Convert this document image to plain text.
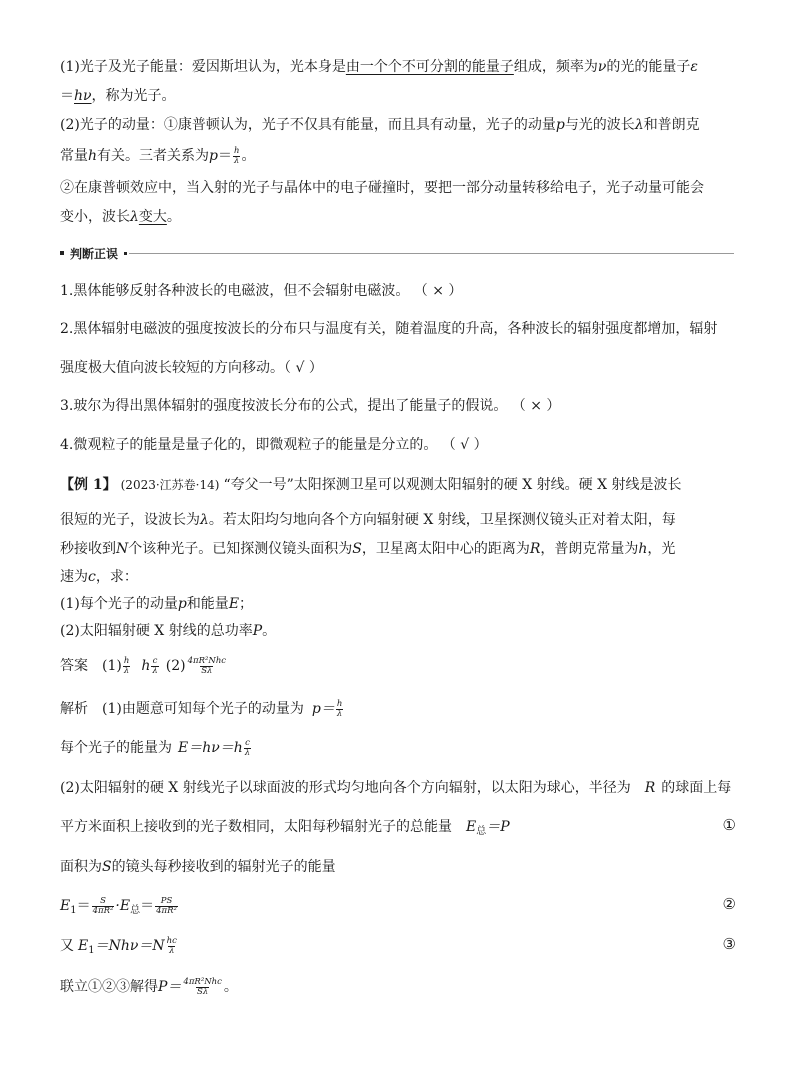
(1)光子及光子能量：爱因斯坦认为，光本身是由一个个不可分割的能量子组成，频率为ν的光的能量子ε
＝hν，称为光子。
(2)光子的动量：①康普顿认为，光子不仅具有能量，而且具有动量，光子的动量p与光的波长λ和普朗克
常量h有关。三者关系为$p= \frac{h}{\lambda}$ 。
②在康普顿效应中，当入射的光子与晶体中的电子碰撞时，要把一部分动量转移给电子，光子动量可能会
变小，波长λ变大。
判断正误
1.黑体能够反射各种波长的电磁波，但不会辐射电磁波。 （ × ）
2.黑体辐射电磁波的强度按波长的分布只与温度有关，随着温度的升高，各种波长的辐射强度都增加，辐射
强度极大值向波长较短的方向移动。（ √ ）
3.玻尔为得出黑体辐射的强度按波长分布的公式，提出了能量子的假说。 （ × ）
4.微观粒子的能量是量子化的，即微观粒子的能量是分立的。 （ √ ）
【例 1】 (2023·江苏卷·14) “夸父一号”太阳探测卫星可以观测太阳辐射的硬 X 射线。硬 X 射线是波长
很短的光子，设波长为λ。若太阳均匀地向各个方向辐射硬 X 射线，卫星探测仪镜头正对着太阳，每
秒接收到N个该种光子。已知探测仪镜头面积为S，卫星离太阳中心的距离为R，普朗克常量为h，光
速为c，求：
(1)每个光子的动量p和能量E；
(2)太阳辐射硬 X 射线的总功率P。
答案 $(1) \frac{h}{\lambda}$ h $\frac{c}{\lambda} (2) \frac{\text{4πR²Nhc}}{S\lambda}$
解析 (1)由题意可知每个光子的动量为 $p= \frac{h}{\lambda}$
每个光子的能量为 $E=h\nu=h \frac{c}{\lambda}$
(2)太阳辐射的硬 X 射线光子以球面波的形式均匀地向各个方向辐射，以太阳为球心，半径为 R 的球面上每
平方米面积上接收到的光子数相同，太阳每秒辐射光子的总能量 $E_总=P$	①
面积为S的镜头每秒接收到的辐射光子的能量
$E_1= \frac{S}{\text{4πR²}} \cdot E_总= \frac{PS}{\text{4πR²}}$	②
又 $E_1=Nh\nu=N \frac{hc}{\lambda}$	③
联立①②③解得$P= \frac{\text{4πR²Nhc}}{S\lambda}$ 。
